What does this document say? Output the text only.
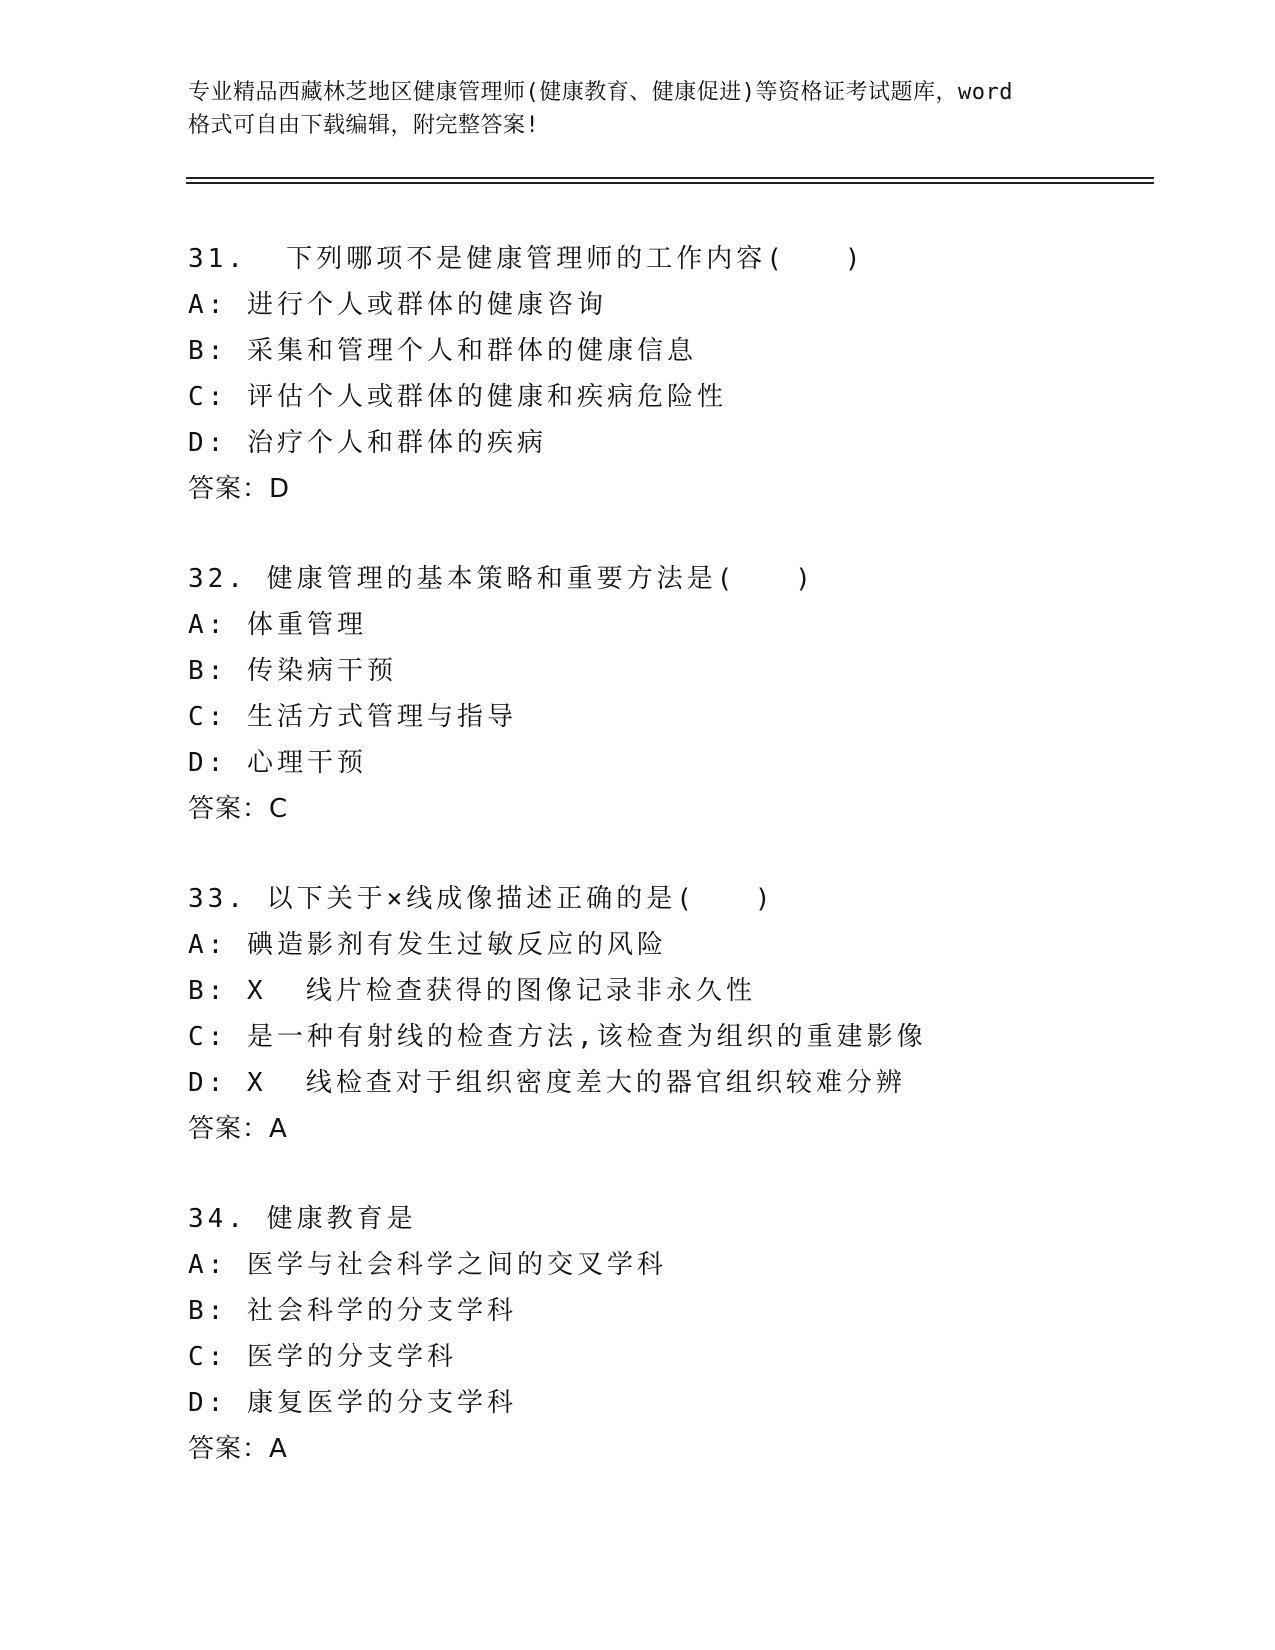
专业精品西藏林芝地区健康管理师(健康教育、健康促进)等资格证考试题库，word
格式可自由下载编辑，附完整答案!
31.  下列哪项不是健康管理师的工作内容(   )
A: 进行个人或群体的健康咨询
B: 采集和管理个人和群体的健康信息
C: 评估个人或群体的健康和疾病危险性
D: 治疗个人和群体的疾病
答案：D
32. 健康管理的基本策略和重要方法是(   )
A: 体重管理
B: 传染病干预
C: 生活方式管理与指导
D: 心理干预
答案：C
33. 以下关于×线成像描述正确的是(   )
A: 碘造影剂有发生过敏反应的风险
B: X  线片检查获得的图像记录非永久性
C: 是一种有射线的检查方法,该检查为组织的重建影像
D: X  线检查对于组织密度差大的器官组织较难分辨
答案：A
34. 健康教育是
A: 医学与社会科学之间的交叉学科
B: 社会科学的分支学科
C: 医学的分支学科
D: 康复医学的分支学科
答案：A
